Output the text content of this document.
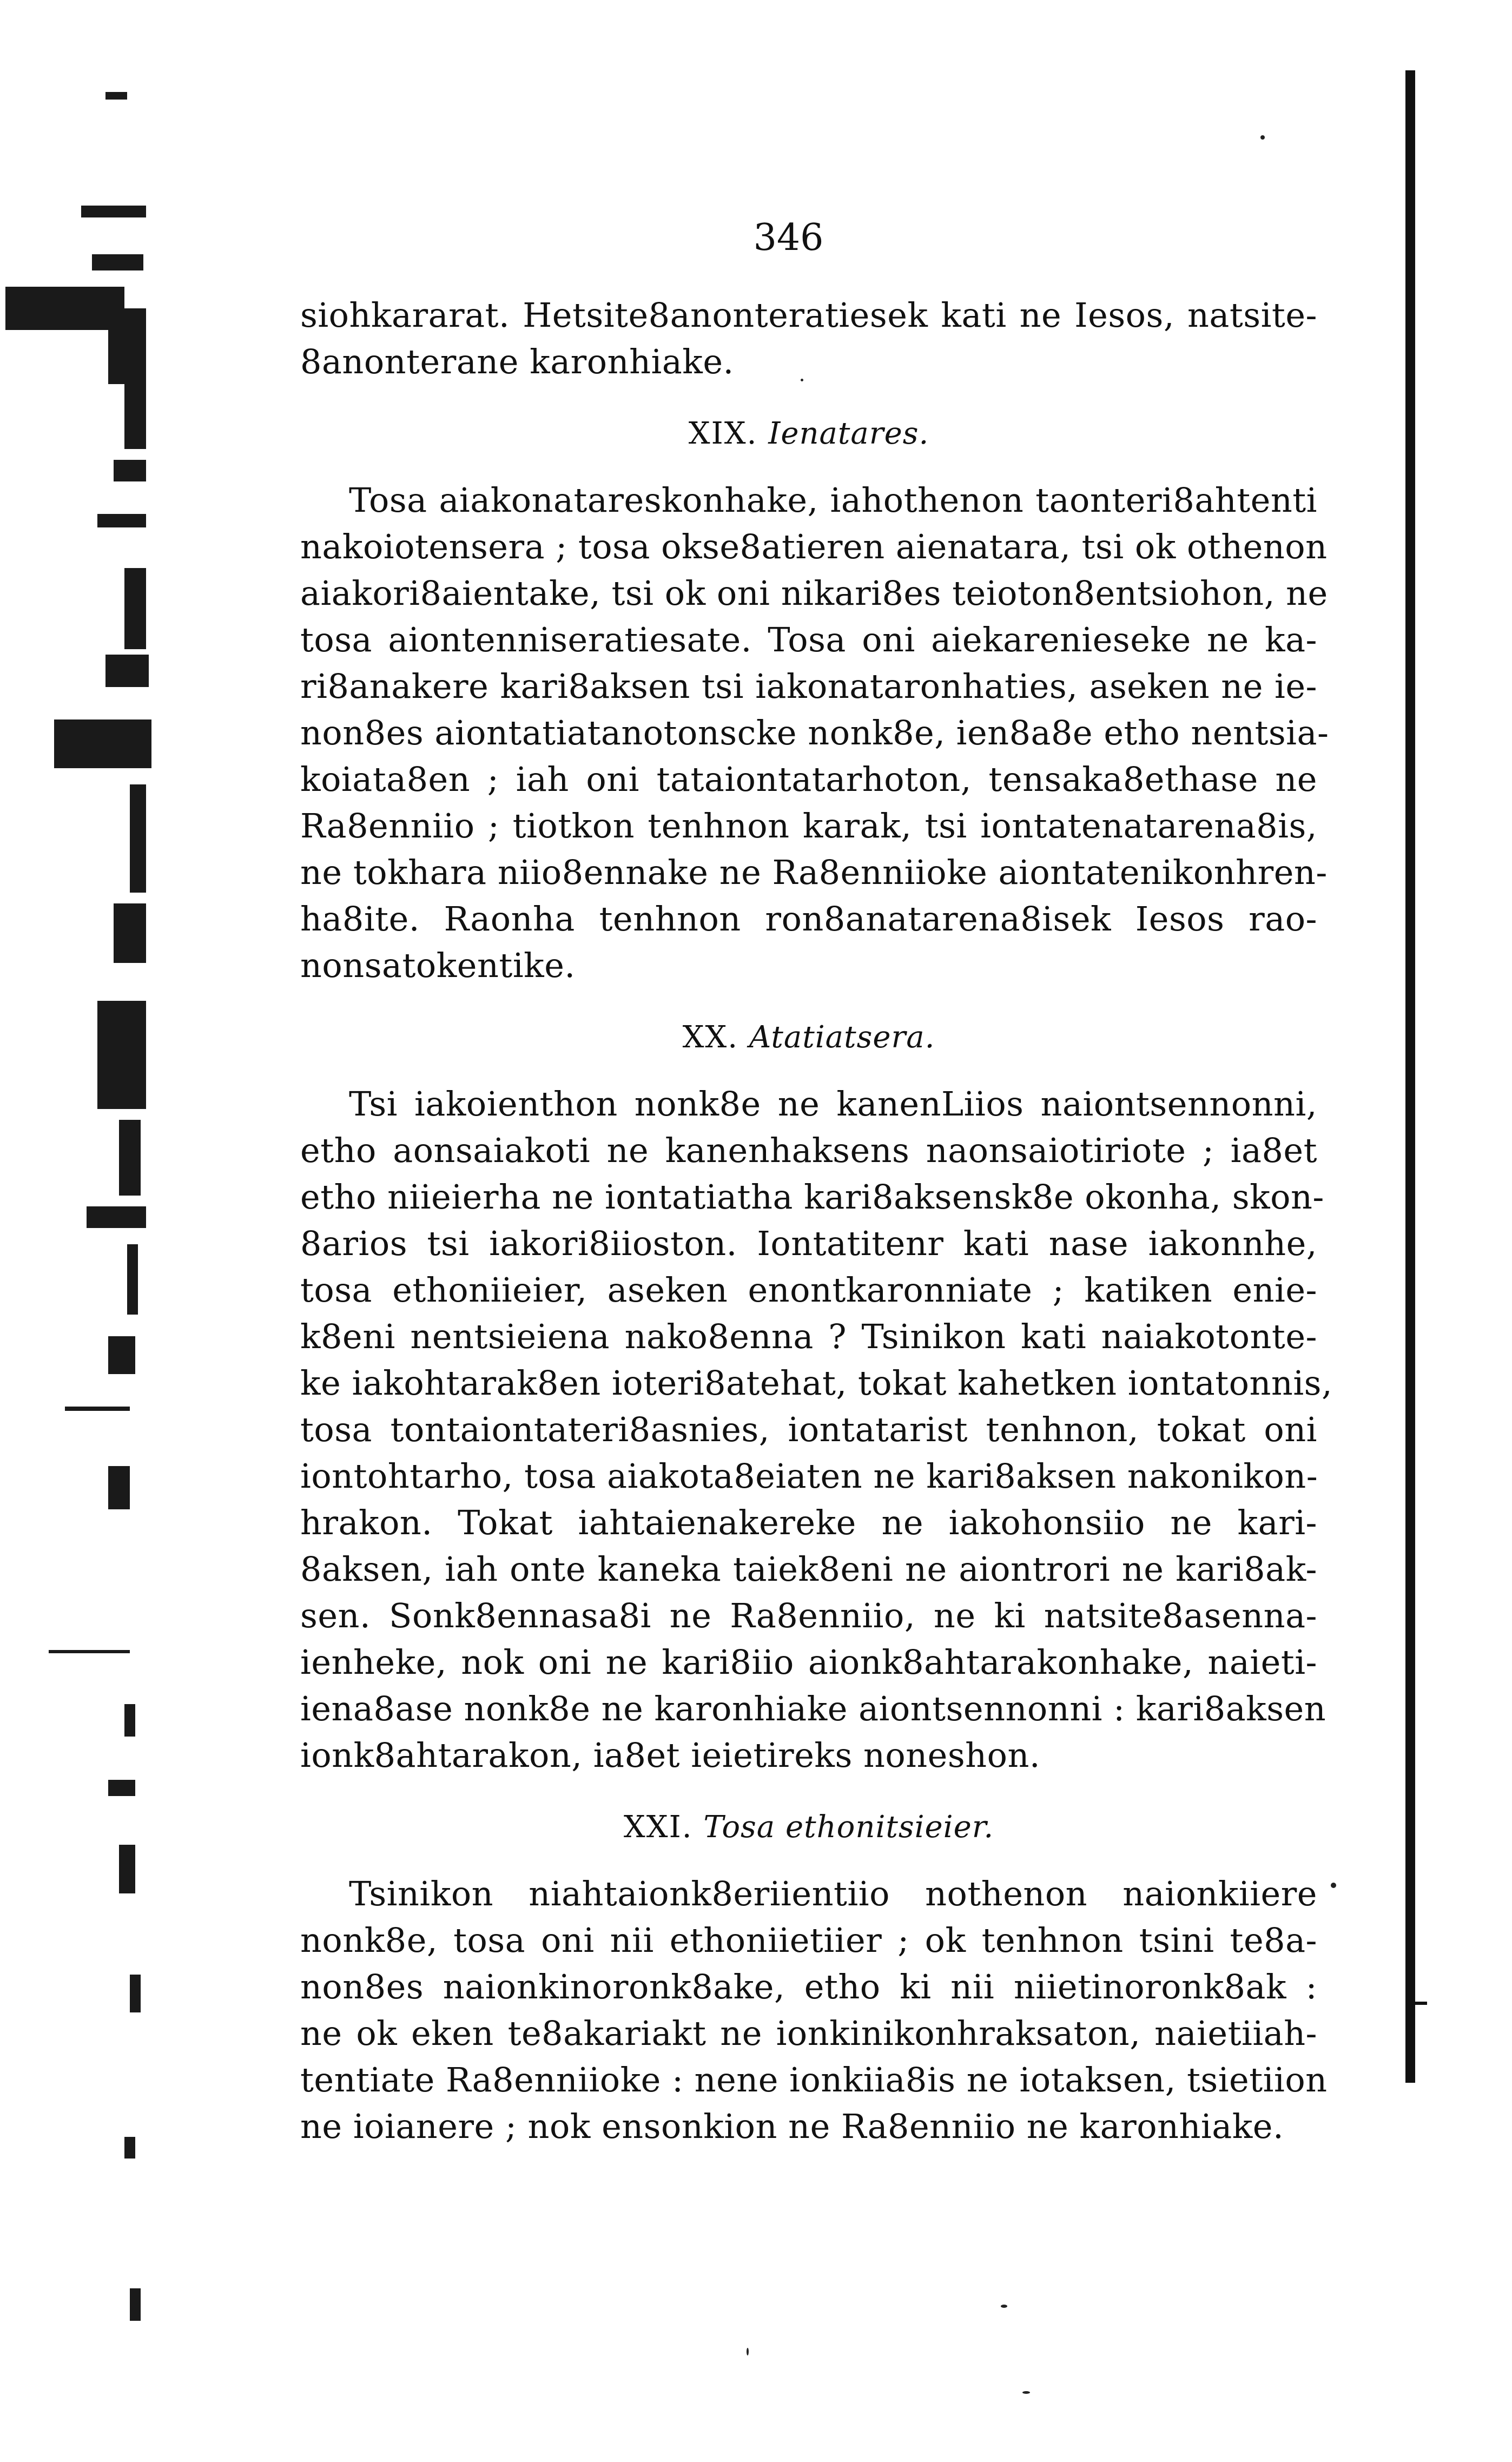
346
siohkararat. Hetsite8anonteratiesek kati ne Iesos, natsite-
8anonterane karonhiake.
XIX. Ienatares.
Tosa aiakonatareskonhake, iahothenon taonteri8ahtenti
nakoiotensera ; tosa okse8atieren aienatara, tsi ok othenon
aiakori8aientake, tsi ok oni nikari8es teioton8entsiohon, ne
tosa aiontenniseratiesate. Tosa oni aiekarenieseke ne ka-
ri8anakere kari8aksen tsi iakonataronhaties, aseken ne ie-
non8es aiontatiatanotonscke nonk8e, ien8a8e etho nentsia-
koiata8en ; iah oni tataiontatarhoton, tensaka8ethase ne
Ra8enniio ; tiotkon tenhnon karak, tsi iontatenatarena8is,
ne tokhara niio8ennake ne Ra8enniioke aiontatenikonhren-
ha8ite. Raonha tenhnon ron8anatarena8isek Iesos rao-
nonsatokentike.
XX. Atatiatsera.
Tsi iakoienthon nonk8e ne kanenLiios naiontsennonni,
etho aonsaiakoti ne kanenhaksens naonsaiotiriote ; ia8et
etho niieierha ne iontatiatha kari8aksensk8e okonha, skon-
8arios tsi iakori8iioston. Iontatitenr kati nase iakonnhe,
tosa ethoniieier, aseken enontkaronniate ; katiken enie-
k8eni nentsieiena nako8enna ? Tsinikon kati naiakotonte-
ke iakohtarak8en ioteri8atehat, tokat kahetken iontatonnis,
tosa tontaiontateri8asnies, iontatarist tenhnon, tokat oni
iontohtarho, tosa aiakota8eiaten ne kari8aksen nakonikon-
hrakon. Tokat iahtaienakereke ne iakohonsiio ne kari-
8aksen, iah onte kaneka taiek8eni ne aiontrori ne kari8ak-
sen. Sonk8ennasa8i ne Ra8enniio, ne ki natsite8asenna-
ienheke, nok oni ne kari8iio aionk8ahtarakonhake, naieti-
iena8ase nonk8e ne karonhiake aiontsennonni : kari8aksen
ionk8ahtarakon, ia8et ieietireks noneshon.
XXI. Tosa ethonitsieier.
Tsinikon niahtaionk8eriientiio nothenon naionkiiere
nonk8e, tosa oni nii ethoniietiier ; ok tenhnon tsini te8a-
non8es naionkinoronk8ake, etho ki nii niietinoronk8ak :
ne ok eken te8akariakt ne ionkinikonhraksaton, naietiiah-
tentiate Ra8enniioke : nene ionkiia8is ne iotaksen, tsietiion
ne ioianere ; nok ensonkion ne Ra8enniio ne karonhiake.
